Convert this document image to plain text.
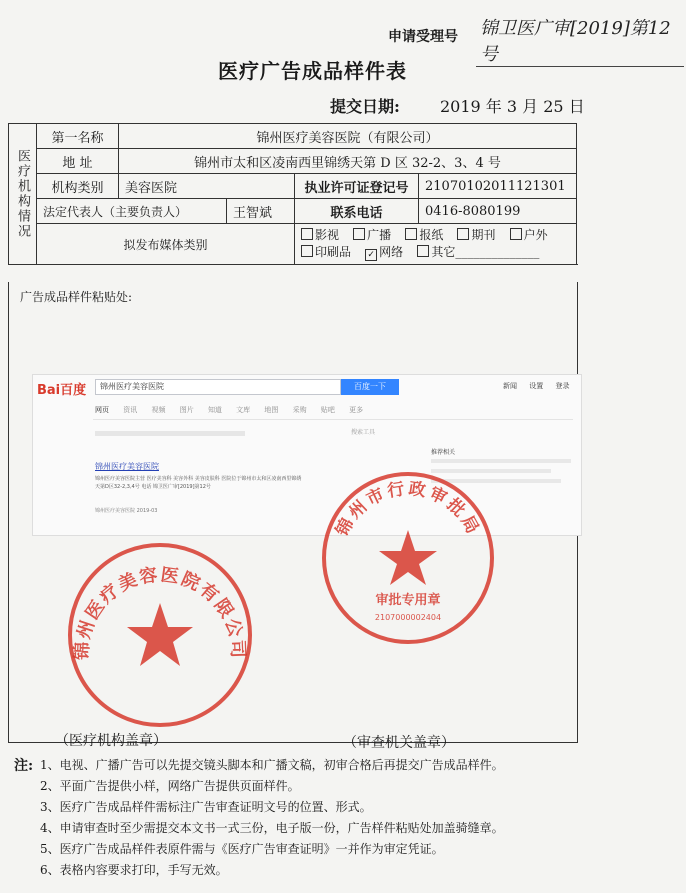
申请受理号 锦卫医广审[2019]第12号
医疗广告成品样件表
提交日期:	2019 年 3 月 25 日
医疗机构情况	第一名称	锦州医疗美容医院（有限公司）			
	地 址	锦州市太和区凌南西里锦绣天第 D 区 32-2、3、4 号			
	机构类别	美容医院		执业许可证登记号	21070102011121301
	法定代表人（主要负责人）		王智斌	联系电话	0416-8080199
	拟发布媒体类别			影视 广播 报纸 期刊 户外
印刷品 ✓ 网络 其它______________	
广告成品样件粘贴处:
Bai百度	锦州医疗美容医院	百度一下	新闻 设置 登录
网页 资讯 视频 图片 知道 文库 地图 采购 贴吧 更多
搜索工具
锦州医疗美容医院
锦州医疗美容医院主营 医疗美容科 美容外科 美容皮肤科 医院位于锦州市太和区凌南西里锦绣
天第D区32-2,3,4号 电话 锦卫医广审[2019]第12号
锦州医疗美容医院 2019-03
推荐相关
锦州医疗美容医院有限公司
锦州市行政审批局
审批专用章
2107000002404
（医疗机构盖章）	（审查机关盖章）
注: 1、电视、广播广告可以先提交镜头脚本和广播文稿，初审合格后再提交广告成品样件。

2、平面广告提供小样，网络广告提供页面样件。

3、医疗广告成品样件需标注广告审查证明文号的位置、形式。

4、申请审查时至少需提交本文书一式三份，电子版一份，广告样件粘贴处加盖骑缝章。

5、医疗广告成品样件表原件需与《医疗广告审查证明》一并作为审定凭证。

6、表格内容要求打印，手写无效。
